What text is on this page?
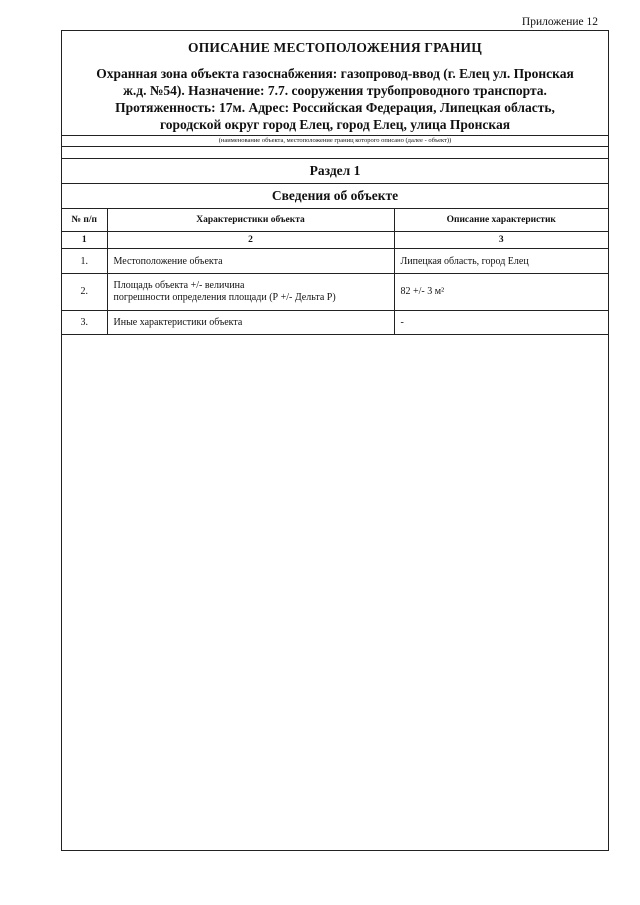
Приложение 12
ОПИСАНИЕ МЕСТОПОЛОЖЕНИЯ ГРАНИЦ
Охранная зона объекта газоснабжения: газопровод-ввод (г. Елец ул. Пронская
ж.д. №54). Назначение: 7.7. сооружения трубопроводного транспорта.
Протяженность: 17м. Адрес: Российская Федерация, Липецкая область,
городской округ город Елец, город Елец, улица Пронская
(наименование объекта, местоположение границ которого описано (далее - объект))
Раздел 1
Сведения об объекте
№ п/п	Характеристики объекта	Описание характеристик
1	2	3
1.	Местоположение объекта	Липецкая область, город Елец
2.	Площадь объекта +/- величина
погрешности определения площади (Р +/- Дельта Р)	82 +/- 3 м²
3.	Иные характеристики объекта	-
